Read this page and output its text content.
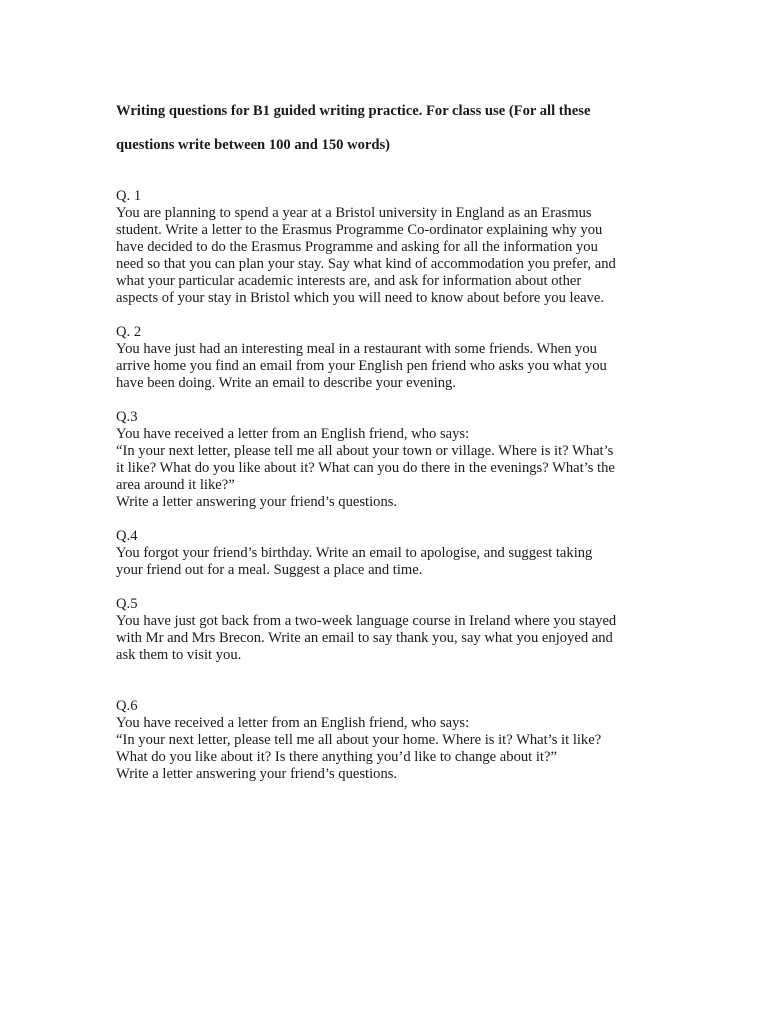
Writing questions for B1 guided writing practice. For class use (For all these

questions write between 100 and 150 words)

Q. 1
You are planning to spend a year at a Bristol university in England as an Erasmus
student. Write a letter to the Erasmus Programme Co-ordinator explaining why you
have decided to do the Erasmus Programme and asking for all the information you
need so that you can plan your stay. Say what kind of accommodation you prefer, and
what your particular academic interests are, and ask for information about other
aspects of your stay in Bristol which you will need to know about before you leave.
Q. 2
You have just had an interesting meal in a restaurant with some friends. When you
arrive home you find an email from your English pen friend who asks you what you
have been doing. Write an email to describe your evening.
Q.3
You have received a letter from an English friend, who says:
“In your next letter, please tell me all about your town or village. Where is it? What’s
it like? What do you like about it? What can you do there in the evenings? What’s the
area around it like?”
Write a letter answering your friend’s questions.
Q.4
You forgot your friend’s birthday. Write an email to apologise, and suggest taking
your friend out for a meal. Suggest a place and time.
Q.5
You have just got back from a two-week language course in Ireland where you stayed
with Mr and Mrs Brecon. Write an email to say thank you, say what you enjoyed and
ask them to visit you.
Q.6
You have received a letter from an English friend, who says:
“In your next letter, please tell me all about your home. Where is it? What’s it like?
What do you like about it? Is there anything you’d like to change about it?”
Write a letter answering your friend’s questions.
